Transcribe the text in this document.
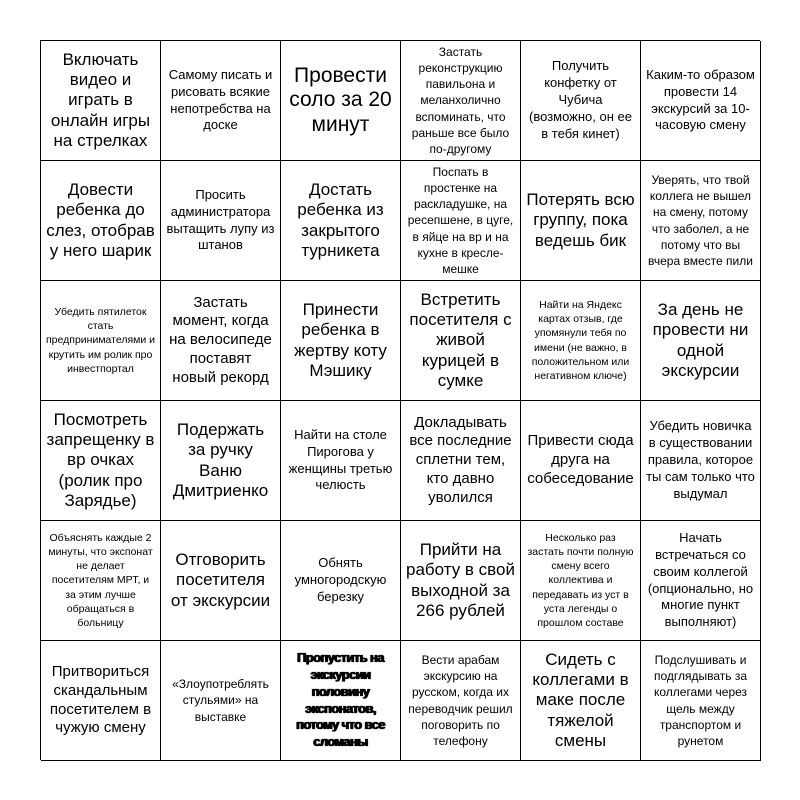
Включать видео и играть в онлайн игры на стрелках
Самому писать и рисовать всякие непотребства на доске
Провести соло за 20 минут
Застать реконструкцию павильона и меланхолично вспоминать, что раньше все было по-другому
Получить конфетку от Чубича (возможно, он ее в тебя кинет)
Каким-то образом провести 14 экскурсий за 10-часовую смену
Довести ребенка до слез, отобрав у него шарик
Просить администратора вытащить лупу из штанов
Достать ребенка из закрытого турникета
Поспать в простенке на раскладушке, на ресепшене, в цуге, в яйце на вр и на кухне в кресле-мешке
Потерять всю группу, пока ведешь бик
Уверять, что твой коллега не вышел на смену, потому что заболел, а не потому что вы вчера вместе пили
Убедить пятилеток стать предпринимателями и крутить им ролик про инвестпортал
Застать момент, когда на велосипеде поставят новый рекорд
Принести ребенка в жертву коту Мэшику
Встретить посетителя с живой курицей в сумке
Найти на Яндекс картах отзыв, где упомянули тебя по имени (не важно, в положительном или негативном ключе)
За день не провести ни одной экскурсии
Посмотреть запрещенку в вр очках (ролик про Зарядье)
Подержать за ручку Ваню Дмитриенко
Найти на столе Пирогова у женщины третью челюсть
Докладывать все последние сплетни тем, кто давно уволился
Привести сюда друга на собеседование
Убедить новичка в существовании правила, которое ты сам только что выдумал
Объяснять каждые 2 минуты, что экспонат не делает посетителям МРТ, и за этим лучше обращаться в больницу
Отговорить посетителя от экскурсии
Обнять умногородскую березку
Прийти на работу в свой выходной за 266 рублей
Несколько раз застать почти полную смену всего коллектива и передавать из уст в уста легенды о прошлом составе
Начать встречаться со своим коллегой (опционально, но многие пункт выполняют)
Притвориться скандальным посетителем в чужую смену
«Злоупотреблять стульями» на выставке
Пропустить на экскурсии половину экспонатов, потому что все сломаны
Вести арабам экскурсию на русском, когда их переводчик решил поговорить по телефону
Сидеть с коллегами в маке после тяжелой смены
Подслушивать и подглядывать за коллегами через щель между транспортом и рунетом
